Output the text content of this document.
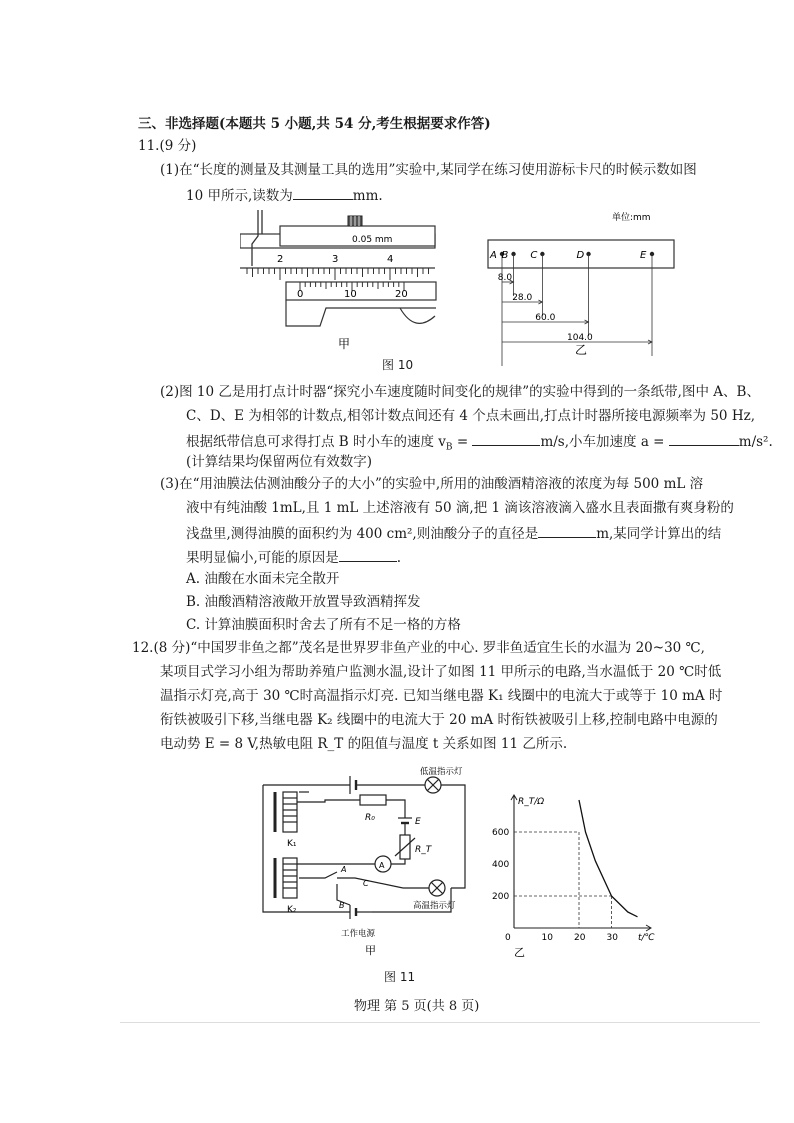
三、非选择题(本题共 5 小题,共 54 分,考生根据要求作答)
11.(9 分)
(1)在“长度的测量及其测量工具的选用”实验中,某同学在练习使用游标卡尺的时候示数如图
10 甲所示,读数为	mm.
0.05 mm
2	3	4
0	10	20
甲
单位:mm
A B C	D	E
8.0
28.0
60.0
104.0
乙
图 10
(2)图 10 乙是用打点计时器“探究小车速度随时间变化的规律”的实验中得到的一条纸带,图中 A、B、
C、D、E 为相邻的计数点,相邻计数点间还有 4 个点未画出,打点计时器所接电源频率为 50 Hz,
根据纸带信息可求得打点 B 时小车的速度 $v_B$ =	m/s,小车加速度 a =	m/s².
(计算结果均保留两位有效数字)
(3)在“用油膜法估测油酸分子的大小”的实验中,所用的油酸酒精溶液的浓度为每 500 mL 溶
液中有纯油酸 1mL,且 1 mL 上述溶液有 50 滴,把 1 滴该溶液滴入盛水且表面撒有爽身粉的
浅盘里,测得油膜的面积约为 400 cm²,则油酸分子的直径是	m,某同学计算出的结
果明显偏小,可能的原因是	.
A. 油酸在水面未完全散开
B. 油酸酒精溶液敞开放置导致酒精挥发
C. 计算油膜面积时舍去了所有不足一格的方格
12.(8 分)“中国罗非鱼之都”茂名是世界罗非鱼产业的中心. 罗非鱼适宜生长的水温为 20~30 ℃,
某项目式学习小组为帮助养殖户监测水温,设计了如图 11 甲所示的电路,当水温低于 20 ℃时低
温指示灯亮,高于 30 ℃时高温指示灯亮. 已知当继电器 K₁ 线圈中的电流大于或等于 10 mA 时
衔铁被吸引下移,当继电器 K₂ 线圈中的电流大于 20 mA 时衔铁被吸引上移,控制电路中电源的
电动势 E = 8 V,热敏电阻 R_T 的阻值与温度 t 关系如图 11 乙所示.
低温指示灯
高温指示灯
工作电源
K₁
K₂
R₀	E
R_T
A
A
B
C
甲
600
400
200
10 20 30
0
R_T/Ω
t/℃
乙
图 11
物理 第 5 页(共 8 页)
